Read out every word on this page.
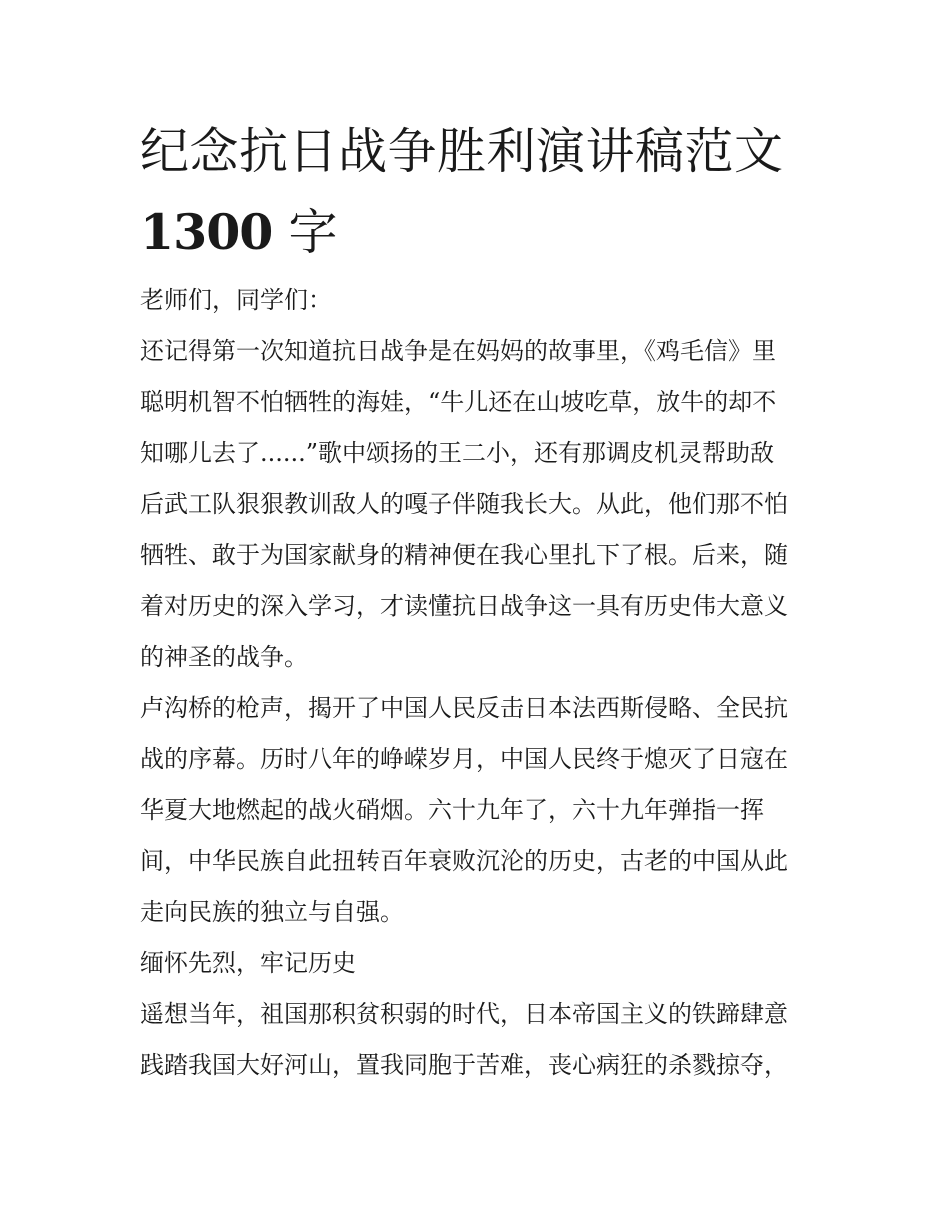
纪念抗日战争胜利演讲稿范文
1300 字

老师们，同学们：

还记得第一次知道抗日战争是在妈妈的故事里，《鸡毛信》里
聪明机智不怕牺牲的海娃，“牛儿还在山坡吃草，放牛的却不
知哪儿去了......”歌中颂扬的王二小，还有那调皮机灵帮助敌
后武工队狠狠教训敌人的嘎子伴随我长大。从此，他们那不怕
牺牲、敢于为国家献身的精神便在我心里扎下了根。后来，随
着对历史的深入学习，才读懂抗日战争这一具有历史伟大意义
的神圣的战争。

卢沟桥的枪声，揭开了中国人民反击日本法西斯侵略、全民抗
战的序幕。历时八年的峥嵘岁月，中国人民终于熄灭了日寇在
华夏大地燃起的战火硝烟。六十九年了，六十九年弹指一挥
间，中华民族自此扭转百年衰败沉沦的历史，古老的中国从此
走向民族的独立与自强。

缅怀先烈，牢记历史

遥想当年，祖国那积贫积弱的时代，日本帝国主义的铁蹄肆意
践踏我国大好河山，置我同胞于苦难，丧心病狂的杀戮掠夺，
